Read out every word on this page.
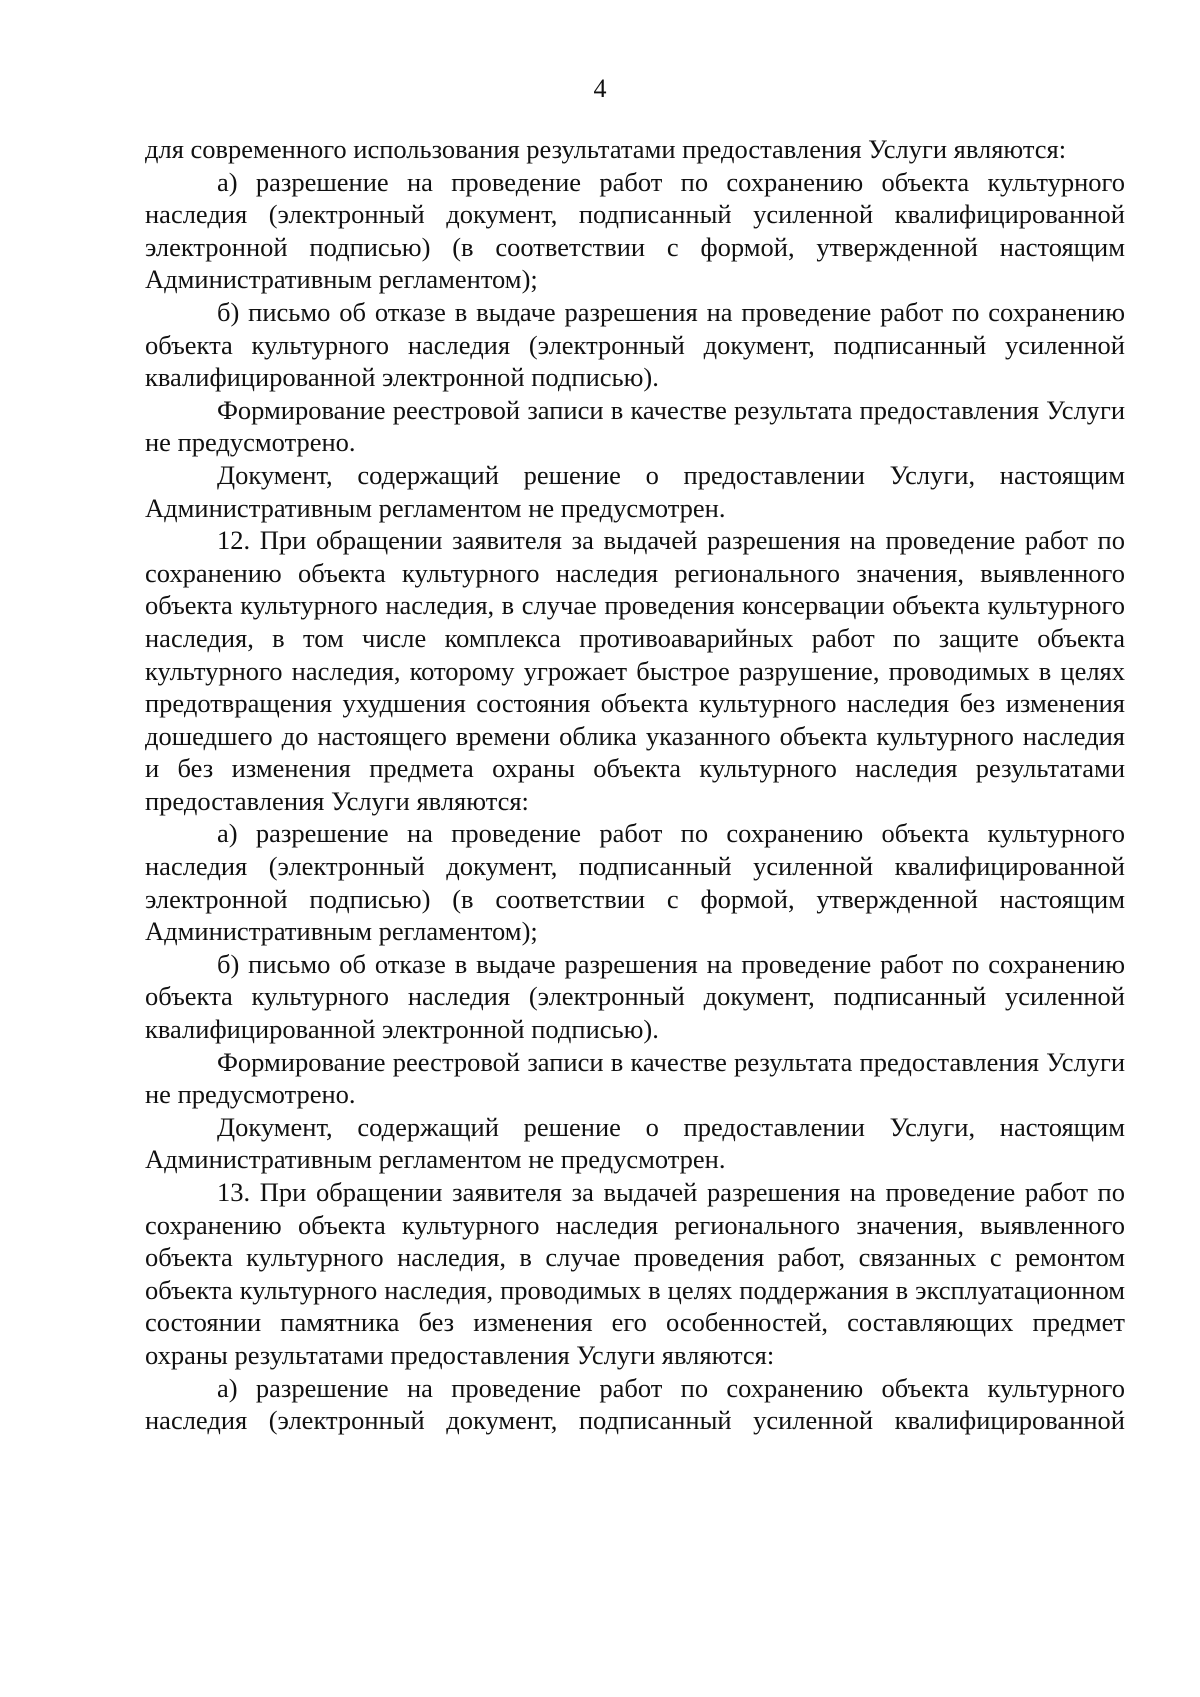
4

для современного использования результатами предоставления Услуги являются:

а) разрешение на проведение работ по сохранению объекта культурного наследия (электронный документ, подписанный усиленной квалифицированной электронной подписью) (в соответствии с формой, утвержденной настоящим Административным регламентом);

б) письмо об отказе в выдаче разрешения на проведение работ по сохранению объекта культурного наследия (электронный документ, подписанный усиленной квалифицированной электронной подписью).

Формирование реестровой записи в качестве результата предоставления Услуги не предусмотрено.

Документ, содержащий решение о предоставлении Услуги, настоящим Административным регламентом не предусмотрен.

12. При обращении заявителя за выдачей разрешения на проведение работ по сохранению объекта культурного наследия регионального значения, выявленного объекта культурного наследия, в случае проведения консервации объекта культурного наследия, в том числе комплекса противоаварийных работ по защите объекта культурного наследия, которому угрожает быстрое разрушение, проводимых в целях предотвращения ухудшения состояния объекта культурного наследия без изменения дошедшего до настоящего времени облика указанного объекта культурного наследия и без изменения предмета охраны объекта культурного наследия результатами предоставления Услуги являются:

а) разрешение на проведение работ по сохранению объекта культурного наследия (электронный документ, подписанный усиленной квалифицированной электронной подписью) (в соответствии с формой, утвержденной настоящим Административным регламентом);

б) письмо об отказе в выдаче разрешения на проведение работ по сохранению объекта культурного наследия (электронный документ, подписанный усиленной квалифицированной электронной подписью).

Формирование реестровой записи в качестве результата предоставления Услуги не предусмотрено.

Документ, содержащий решение о предоставлении Услуги, настоящим Административным регламентом не предусмотрен.

13. При обращении заявителя за выдачей разрешения на проведение работ по сохранению объекта культурного наследия регионального значения, выявленного объекта культурного наследия, в случае проведения работ, связанных с ремонтом объекта культурного наследия, проводимых в целях поддержания в эксплуатационном состоянии памятника без изменения его особенностей, составляющих предмет охраны результатами предоставления Услуги являются:

а) разрешение на проведение работ по сохранению объекта культурного наследия (электронный документ, подписанный усиленной квалифицированной
